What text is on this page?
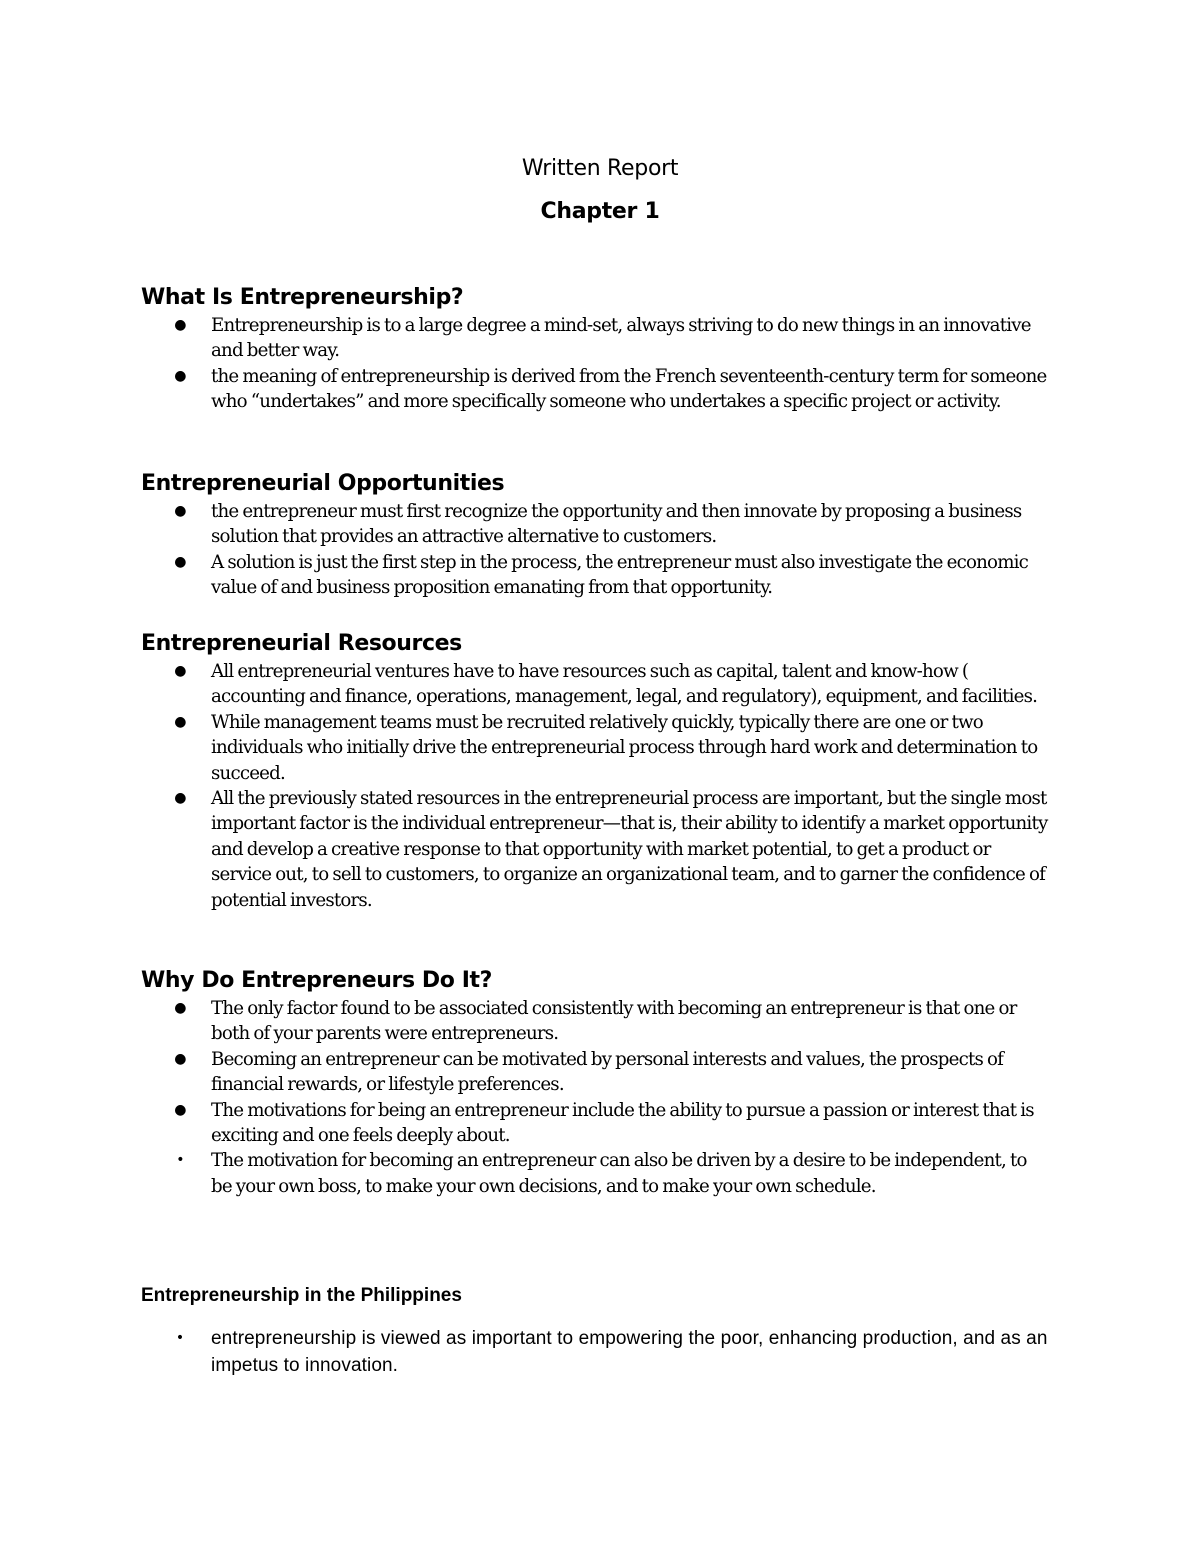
Written Report
Chapter 1
What Is Entrepreneurship?
● Entrepreneurship is to a large degree a mind-set, always striving to do new things in an innovative and better way.
● the meaning of entrepreneurship is derived from the French seventeenth-century term for someone who “undertakes” and more specifically someone who undertakes a specific project or activity.
Entrepreneurial Opportunities
● the entrepreneur must first recognize the opportunity and then innovate by proposing a business solution that provides an attractive alternative to customers.
● A solution is just the first step in the process, the entrepreneur must also investigate the economic value of and business proposition emanating from that opportunity.
Entrepreneurial Resources
● All entrepreneurial ventures have to have resources such as capital, talent and know-how ( accounting and finance, operations, management, legal, and regulatory), equipment, and facilities.
● While management teams must be recruited relatively quickly, typically there are one or two individuals who initially drive the entrepreneurial process through hard work and determination to succeed.
● All the previously stated resources in the entrepreneurial process are important, but the single most important factor is the individual entrepreneur—that is, their ability to identify a market opportunity and develop a creative response to that opportunity with market potential, to get a product or service out, to sell to customers, to organize an organizational team, and to garner the confidence of potential investors.
Why Do Entrepreneurs Do It?
● The only factor found to be associated consistently with becoming an entrepreneur is that one or both of your parents were entrepreneurs.
● Becoming an entrepreneur can be motivated by personal interests and values, the prospects of financial rewards, or lifestyle preferences.
● The motivations for being an entrepreneur include the ability to pursue a passion or interest that is exciting and one feels deeply about.
• The motivation for becoming an entrepreneur can also be driven by a desire to be independent, to be your own boss, to make your own decisions, and to make your own schedule.
Entrepreneurship in the Philippines
• entrepreneurship is viewed as important to empowering the poor, enhancing production, and as an impetus to innovation.
